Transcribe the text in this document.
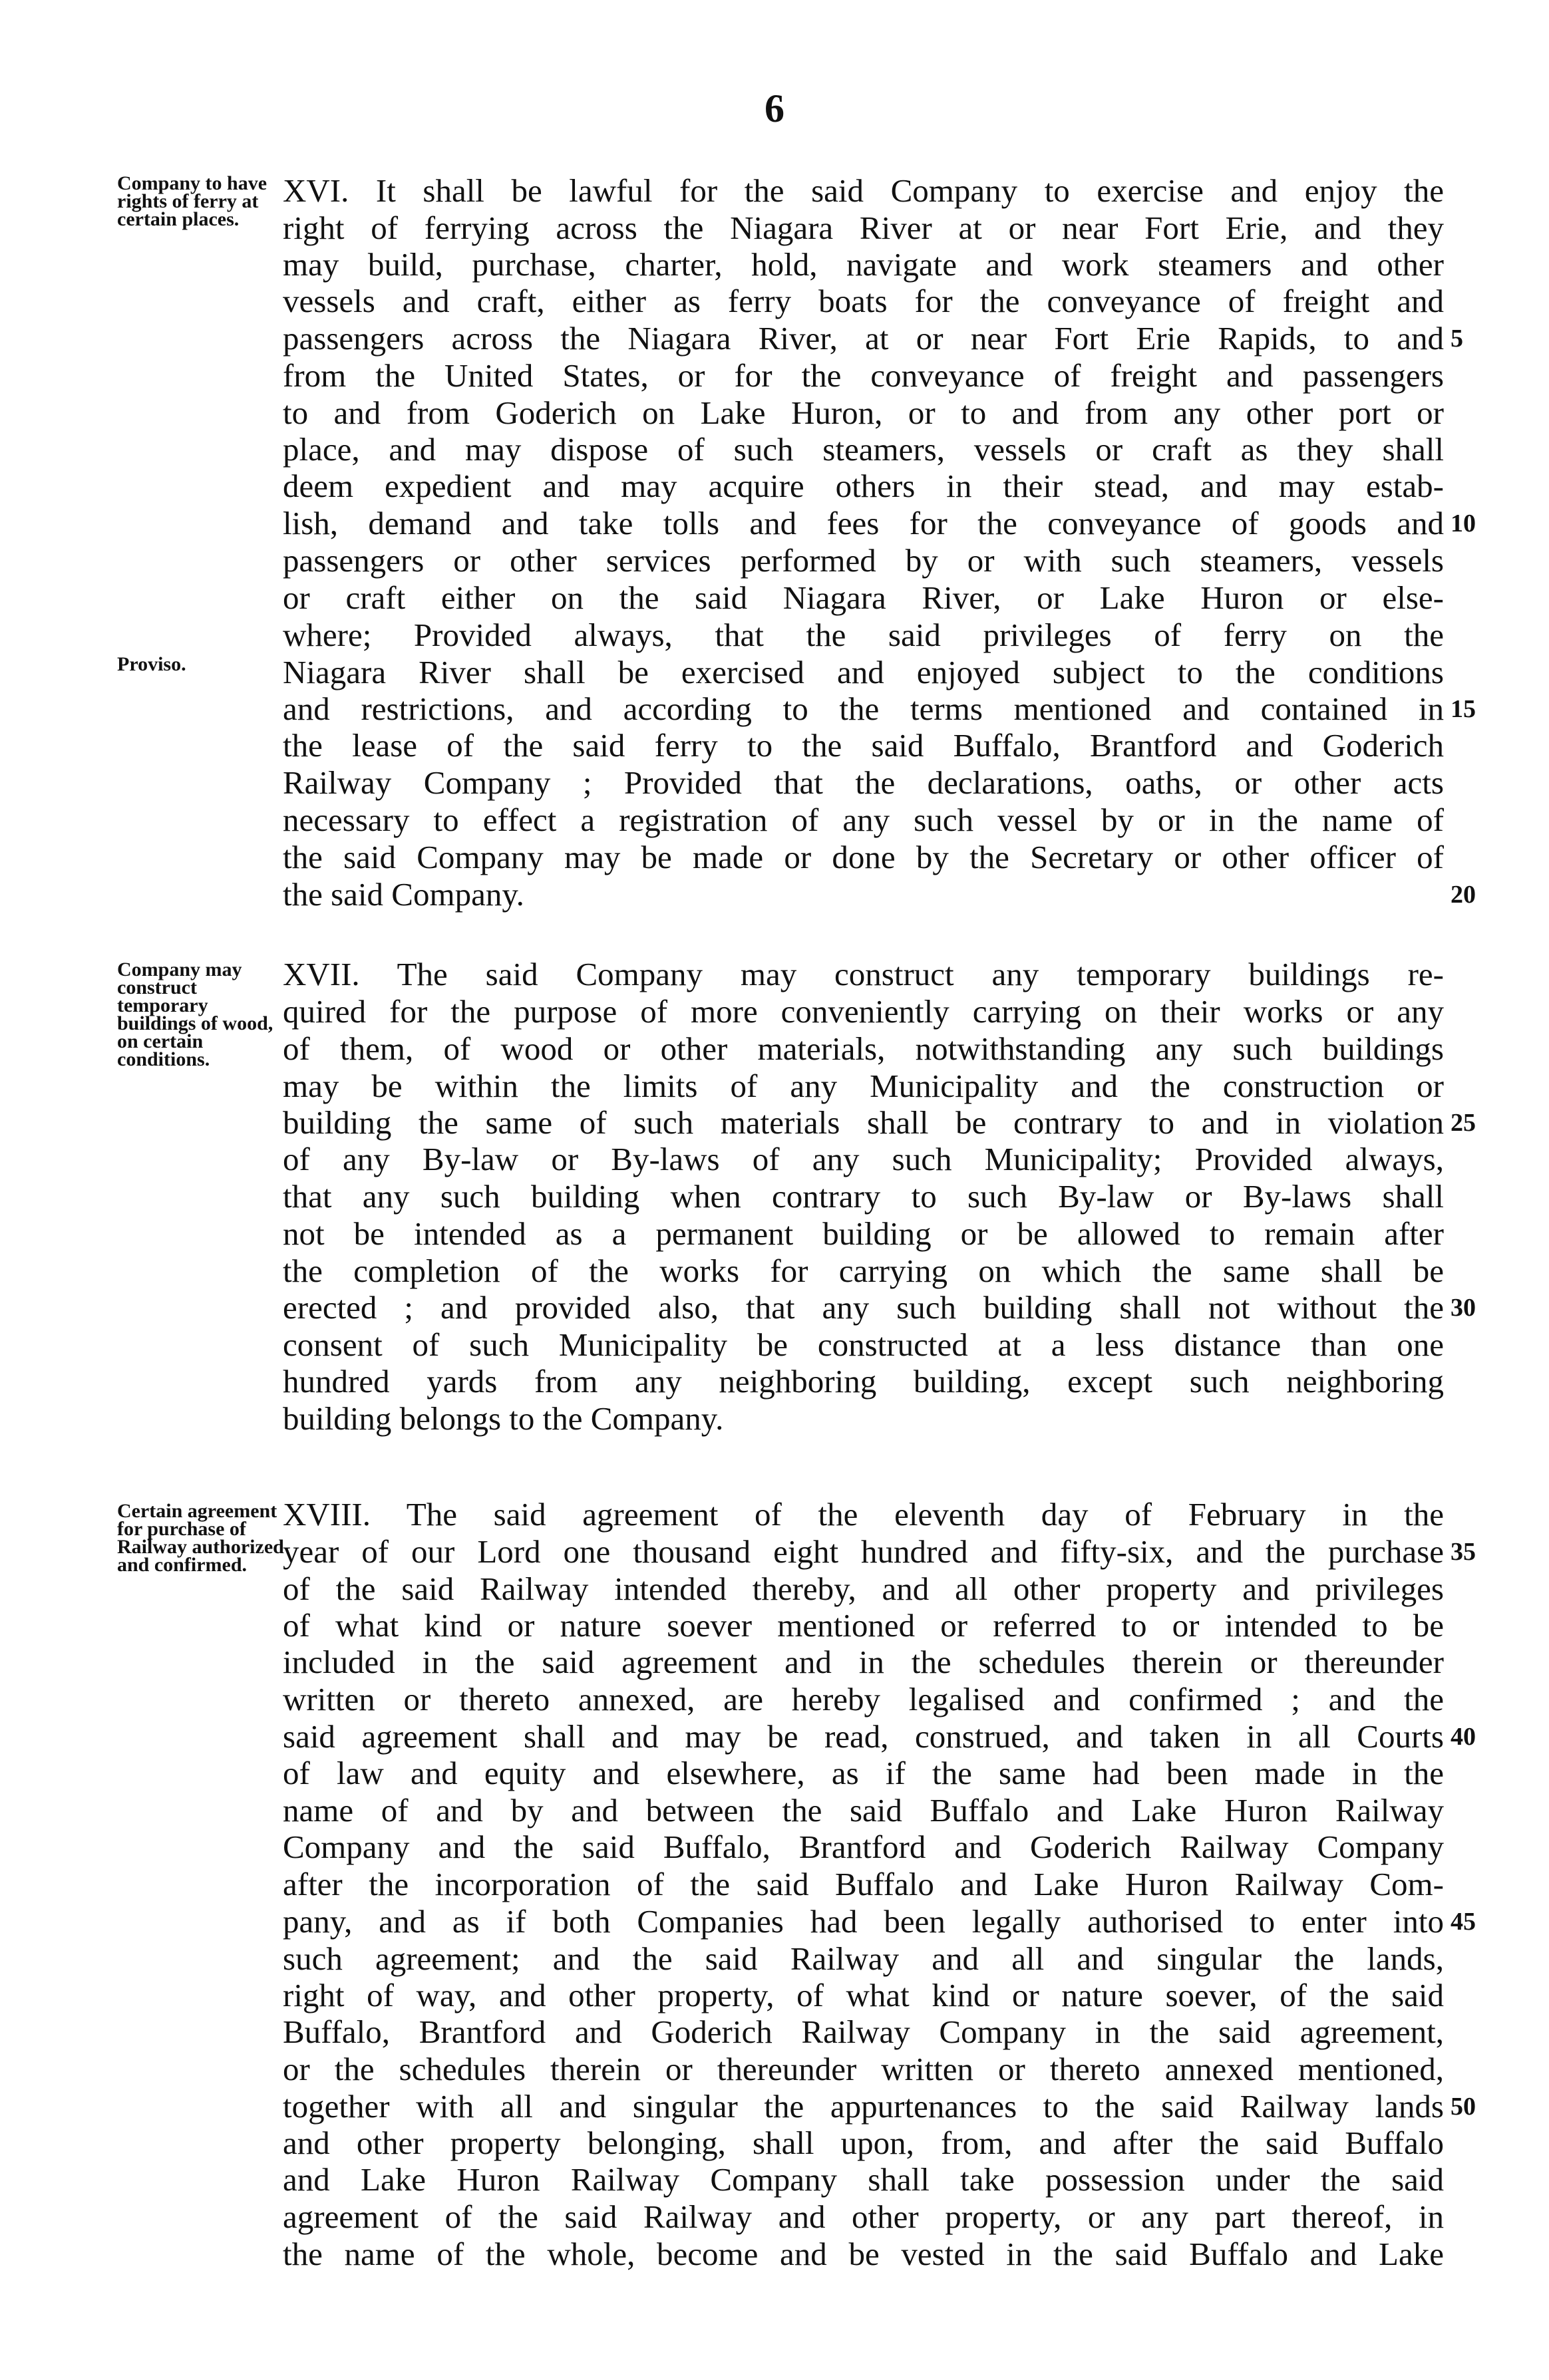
6
Company to have rights of ferry at certain places.
Proviso.
XVI. It shall be lawful for the said Company to exercise and enjoy the
right of ferrying across the Niagara River at or near Fort Erie, and they
may build, purchase, charter, hold, navigate and work steamers and other
vessels and craft, either as ferry boats for the conveyance of freight and
passengers across the Niagara River, at or near Fort Erie Rapids, to and
from the United States, or for the conveyance of freight and passengers
to and from Goderich on Lake Huron, or to and from any other port or
place, and may dispose of such steamers, vessels or craft as they shall
deem expedient and may acquire others in their stead, and may estab-
lish, demand and take tolls and fees for the conveyance of goods and
passengers or other services performed by or with such steamers, vessels
or craft either on the said Niagara River, or Lake Huron or else-
where; Provided always, that the said privileges of ferry on the
Niagara River shall be exercised and enjoyed subject to the conditions
and restrictions, and according to the terms mentioned and contained in
the lease of the said ferry to the said Buffalo, Brantford and Goderich
Railway Company ; Provided that the declarations, oaths, or other acts
necessary to effect a registration of any such vessel by or in the name of
the said Company may be made or done by the Secretary or other officer of
the said Company.
5
10
15
20
Company may construct temporary buildings of wood, on certain conditions.
XVII. The said Company may construct any temporary buildings re-
quired for the purpose of more conveniently carrying on their works or any
of them, of wood or other materials, notwithstanding any such buildings
may be within the limits of any Municipality and the construction or
building the same of such materials shall be contrary to and in violation
of any By-law or By-laws of any such Municipality; Provided always,
that any such building when contrary to such By-law or By-laws shall
not be intended as a permanent building or be allowed to remain after
the completion of the works for carrying on which the same shall be
erected ; and provided also, that any such building shall not without the
consent of such Municipality be constructed at a less distance than one
hundred yards from any neighboring building, except such neighboring
building belongs to the Company.
25
30
Certain agreement for purchase of Railway authorized and confirmed.
XVIII. The said agreement of the eleventh day of February in the
year of our Lord one thousand eight hundred and fifty-six, and the purchase
of the said Railway intended thereby, and all other property and privileges
of what kind or nature soever mentioned or referred to or intended to be
included in the said agreement and in the schedules therein or thereunder
written or thereto annexed, are hereby legalised and confirmed ; and the
said agreement shall and may be read, construed, and taken in all Courts
of law and equity and elsewhere, as if the same had been made in the
name of and by and between the said Buffalo and Lake Huron Railway
Company and the said Buffalo, Brantford and Goderich Railway Company
after the incorporation of the said Buffalo and Lake Huron Railway Com-
pany, and as if both Companies had been legally authorised to enter into
such agreement; and the said Railway and all and singular the lands,
right of way, and other property, of what kind or nature soever, of the said
Buffalo, Brantford and Goderich Railway Company in the said agreement,
or the schedules therein or thereunder written or thereto annexed mentioned,
together with all and singular the appurtenances to the said Railway lands
and other property belonging, shall upon, from, and after the said Buffalo
and Lake Huron Railway Company shall take possession under the said
agreement of the said Railway and other property, or any part thereof, in
the name of the whole, become and be vested in the said Buffalo and Lake
35
40
45
50
